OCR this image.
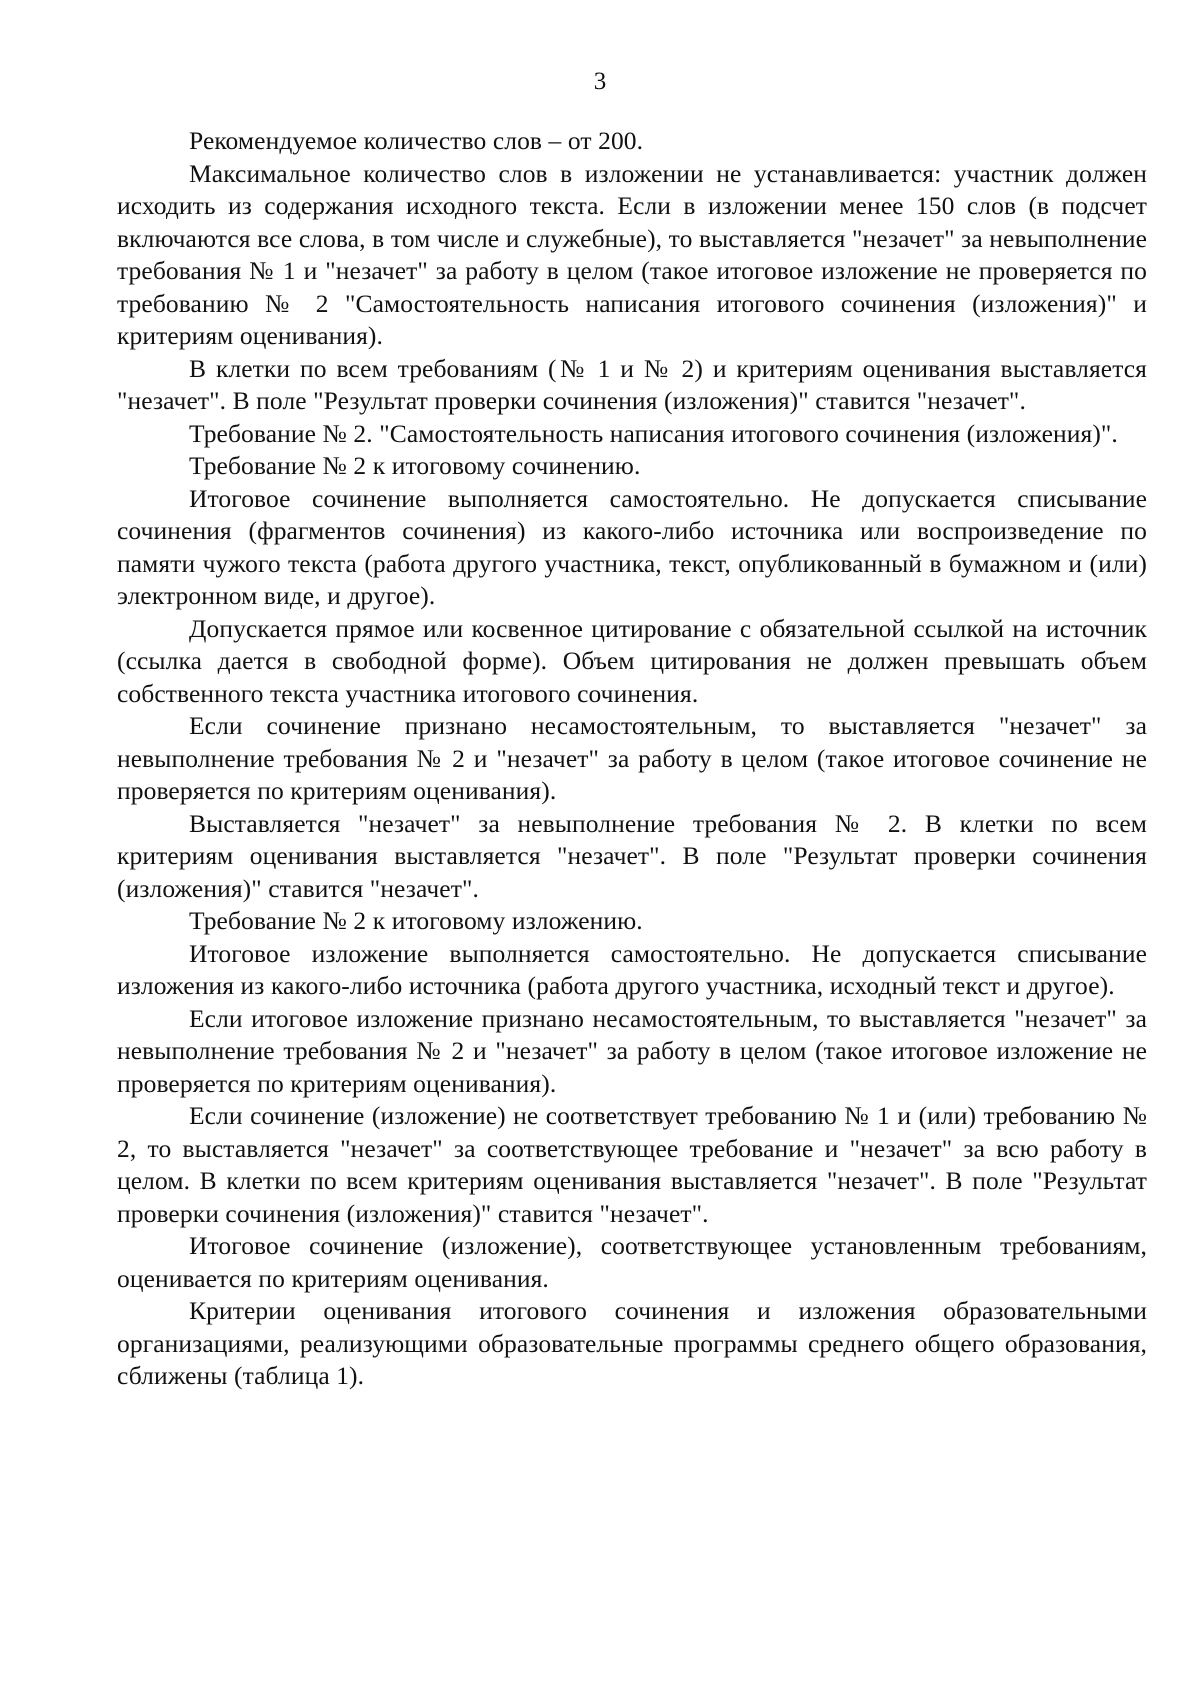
3

Рекомендуемое количество слов – от 200.

Максимальное количество слов в изложении не устанавливается: участник должен исходить из содержания исходного текста. Если в изложении менее 150 слов (в подсчет включаются все слова, в том числе и служебные), то выставляется "незачет" за невыполнение требования № 1 и "незачет" за работу в целом (такое итоговое изложение не проверяется по требованию № 2 "Самостоятельность написания итогового сочинения (изложения)" и критериям оценивания).

В клетки по всем требованиям (№ 1 и № 2) и критериям оценивания выставляется "незачет". В поле "Результат проверки сочинения (изложения)" ставится "незачет".

Требование № 2. "Самостоятельность написания итогового сочинения (изложения)".

Требование № 2 к итоговому сочинению.

Итоговое сочинение выполняется самостоятельно. Не допускается списывание сочинения (фрагментов сочинения) из какого-либо источника или воспроизведение по памяти чужого текста (работа другого участника, текст, опубликованный в бумажном и (или) электронном виде, и другое).

Допускается прямое или косвенное цитирование с обязательной ссылкой на источник (ссылка дается в свободной форме). Объем цитирования не должен превышать объем собственного текста участника итогового сочинения.

Если сочинение признано несамостоятельным, то выставляется "незачет" за невыполнение требования № 2 и "незачет" за работу в целом (такое итоговое сочинение не проверяется по критериям оценивания).

Выставляется "незачет" за невыполнение требования № 2. В клетки по всем критериям оценивания выставляется "незачет". В поле "Результат проверки сочинения (изложения)" ставится "незачет".

Требование № 2 к итоговому изложению.

Итоговое изложение выполняется самостоятельно. Не допускается списывание изложения из какого-либо источника (работа другого участника, исходный текст и другое).

Если итоговое изложение признано несамостоятельным, то выставляется "незачет" за невыполнение требования № 2 и "незачет" за работу в целом (такое итоговое изложение не проверяется по критериям оценивания).

Если сочинение (изложение) не соответствует требованию № 1 и (или) требованию № 2, то выставляется "незачет" за соответствующее требование и "незачет" за всю работу в целом. В клетки по всем критериям оценивания выставляется "незачет". В поле "Результат проверки сочинения (изложения)" ставится "незачет".

Итоговое сочинение (изложение), соответствующее установленным требованиям, оценивается по критериям оценивания.

Критерии оценивания итогового сочинения и изложения образовательными организациями, реализующими образовательные программы среднего общего образования, сближены (таблица 1).
